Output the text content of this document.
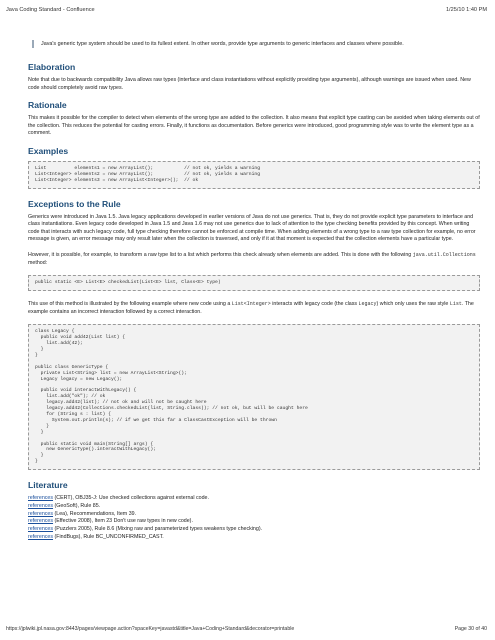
Java Coding Standard - Confluence	1/25/10 1:40 PM
Java's generic type system should be used to its fullest extent. In other words, provide type arguments to generic interfaces and classes where possible.
Elaboration

Note that due to backwards compatibility Java allows raw types (interface and class instantiations without explicitly providing type arguments), although warnings are issued when used. New code should completely avoid raw types.

Rationale

This makes it possible for the compiler to detect when elements of the wrong type are added to the collection. It also means that explicit type casting can be avoided when taking elements out of the collection. This reduces the potential for casting errors. Finally, it functions as documentation. Before generics were introduced, good programming style was to write the element type as a comment.

Examples
List          elements1 = new ArrayList();           // not ok, yields a warning
List<Integer> elements2 = new ArrayList();           // not ok, yields a warning
List<Integer> elements3 = new ArrayList<Integer>();  // ok
Exceptions to the Rule

Generics were introduced in Java 1.5. Java legacy applications developed in earlier versions of Java do not use generics. That is, they do not provide explicit type parameters to interface and class instantiations. Even legacy code developed in Java 1.5 and Java 1.6 may not use generics due to lack of attention to the type checking benefits provided by this concept. When writing code that interacts with such legacy code, full type checking therefore cannot be enforced at compile time. When adding elements of a wrong type to a raw type collection for example, no error message is given, an error message may only result later when the collection is traversed, and only if it at that moment is expected that the collection elements have a particular type.

However, it is possible, for example, to transform a raw type list to a list which performs this check already when elements are added. This is done with the following java.util.Collections method:

public static <E> List<E> checkedList(List<E> list, Class<E> type)

This use of this method is illustrated by the following example where new code using a List<Integer> interacts with legacy code (the class Legacy) which only uses the raw style List. The example contains an incorrect interaction followed by a correct interaction.

class Legacy {
public void add42(List list) {
list.add(42);
}
}

public class GenericType {
private List<String> list = new ArrayList<String>();
Legacy legacy = new Legacy();

public void interactWithLegacy() {
list.add("ok"); // ok
legacy.add42(list); // not ok and will not be caught here
legacy.add42(Collections.checkedList(list, String.class)); // not ok, but will be caught here
for (String s : list) {
System.out.println(s); // if we get this far a ClassCastException will be thrown
}
}

public static void main(String[] args) {
new GenericType().interactWithLegacy();
}
}
Literature
references (CERT), OBJ35-J: Use checked collections against external code.
references (GeoSoft), Rule 85.
references (Lea), Recommendations, Item 39.
references (Effective 2008), Item 23 Don't use raw types in new code).
references (Puzzlers 2005), Rule 8.6 (Mixing raw and parameterized types weakens type checking).
references (FindBugs), Rule BC_UNCONFIRMED_CAST.
https://jplwiki.jpl.nasa.gov:8443/pages/viewpage.action?spaceKey=javastd&title=Java+Coding+Standard&decorator=printable	Page 30 of 40
